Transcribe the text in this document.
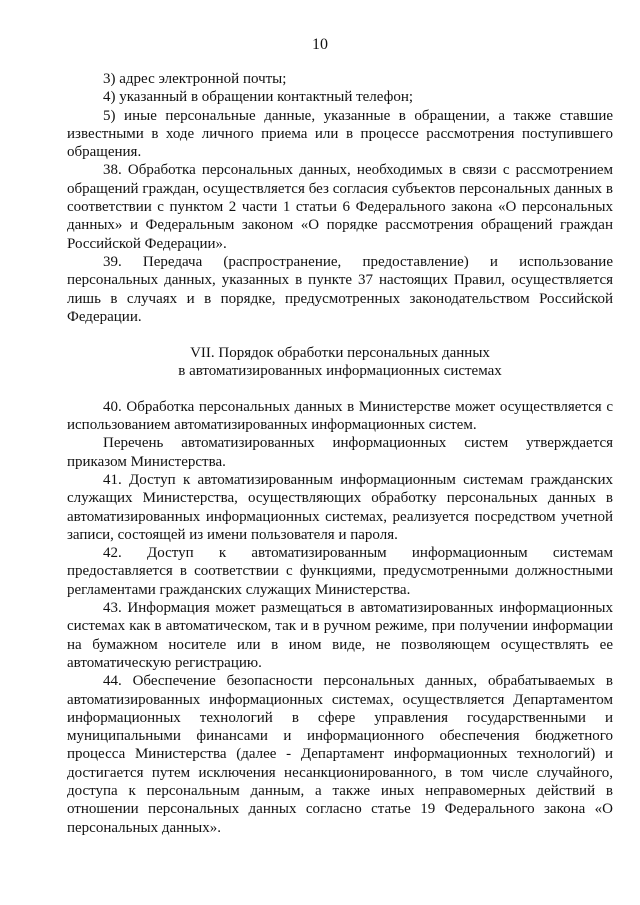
10

3) адрес электронной почты;

4) указанный в обращении контактный телефон;

5) иные персональные данные, указанные в обращении, а также ставшие известными в ходе личного приема или в процессе рассмотрения поступившего обращения.

38. Обработка персональных данных, необходимых в связи с рассмотрением обращений граждан, осуществляется без согласия субъектов персональных данных в соответствии с пунктом 2 части 1 статьи 6 Федерального закона «О персональных данных» и Федеральным законом «О порядке рассмотрения обращений граждан Российской Федерации».

39. Передача (распространение, предоставление) и использование персональных данных, указанных в пункте 37 настоящих Правил, осуществляется лишь в случаях и в порядке, предусмотренных законодательством Российской Федерации.

VII. Порядок обработки персональных данных
в автоматизированных информационных системах

40. Обработка персональных данных в Министерстве может осуществляется с использованием автоматизированных информационных систем.

Перечень автоматизированных информационных систем утверждается приказом Министерства.

41. Доступ к автоматизированным информационным системам гражданских служащих Министерства, осуществляющих обработку персональных данных в автоматизированных информационных системах, реализуется посредством учетной записи, состоящей из имени пользователя и пароля.

42. Доступ к автоматизированным информационным системам предоставляется в соответствии с функциями, предусмотренными должностными регламентами гражданских служащих Министерства.

43. Информация может размещаться в автоматизированных информационных системах как в автоматическом, так и в ручном режиме, при получении информации на бумажном носителе или в ином виде, не позволяющем осуществлять ее автоматическую регистрацию.

44. Обеспечение безопасности персональных данных, обрабатываемых в автоматизированных информационных системах, осуществляется Департаментом информационных технологий в сфере управления государственными и муниципальными финансами и информационного обеспечения бюджетного процесса Министерства (далее - Департамент информационных технологий) и достигается путем исключения несанкционированного, в том числе случайного, доступа к персональным данным, а также иных неправомерных действий в отношении персональных данных согласно статье 19 Федерального закона «О персональных данных».
